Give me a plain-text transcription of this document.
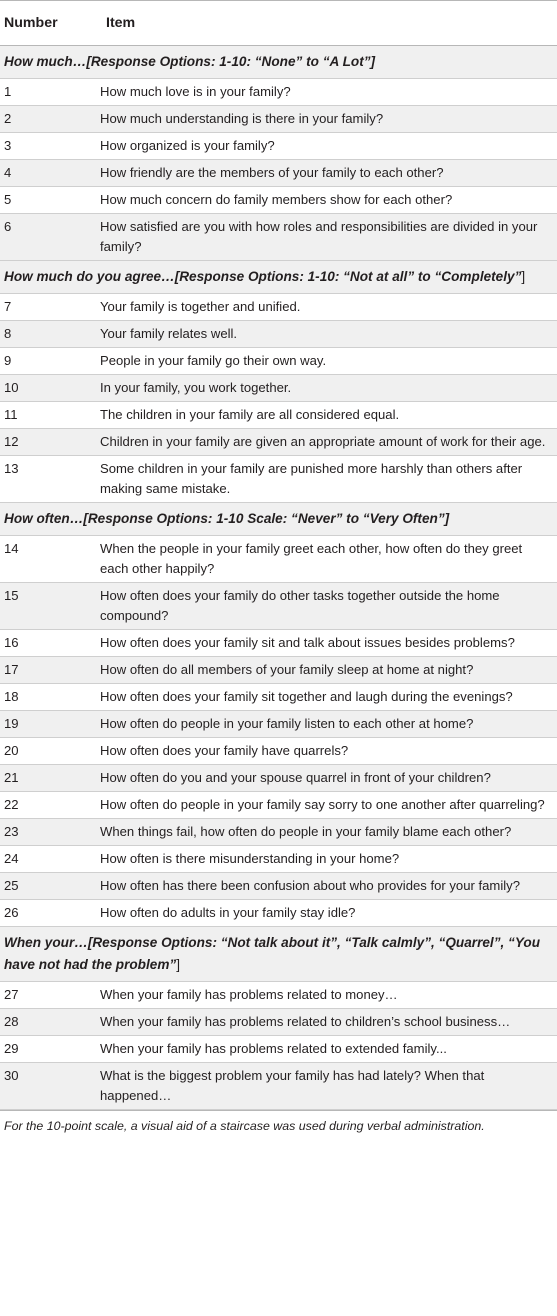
Number	Item
How much…[Response Options: 1-10: “None” to “A Lot”]
1	How much love is in your family?
2	How much understanding is there in your family?
3	How organized is your family?
4	How friendly are the members of your family to each other?
5	How much concern do family members show for each other?
6	How satisfied are you with how roles and responsibilities are divided in your family?
How much do you agree…[Response Options: 1-10: “Not at all” to “Completely”]
7	Your family is together and unified.
8	Your family relates well.
9	People in your family go their own way.
10	In your family, you work together.
11	The children in your family are all considered equal.
12	Children in your family are given an appropriate amount of work for their age.
13	Some children in your family are punished more harshly than others after making same mistake.
How often…[Response Options: 1-10 Scale: “Never” to “Very Often”]
14	When the people in your family greet each other, how often do they greet each other happily?
15	How often does your family do other tasks together outside the home compound?
16	How often does your family sit and talk about issues besides problems?
17	How often do all members of your family sleep at home at night?
18	How often does your family sit together and laugh during the evenings?
19	How often do people in your family listen to each other at home?
20	How often does your family have quarrels?
21	How often do you and your spouse quarrel in front of your children?
22	How often do people in your family say sorry to one another after quarreling?
23	When things fail, how often do people in your family blame each other?
24	How often is there misunderstanding in your home?
25	How often has there been confusion about who provides for your family?
26	How often do adults in your family stay idle?
When your…[Response Options: “Not talk about it”, “Talk calmly”, “Quarrel”, “You have not had the problem”]
27	When your family has problems related to money…
28	When your family has problems related to children’s school business…
29	When your family has problems related to extended family...
30	What is the biggest problem your family has had lately? When that happened…
For the 10-point scale, a visual aid of a staircase was used during verbal administration.
